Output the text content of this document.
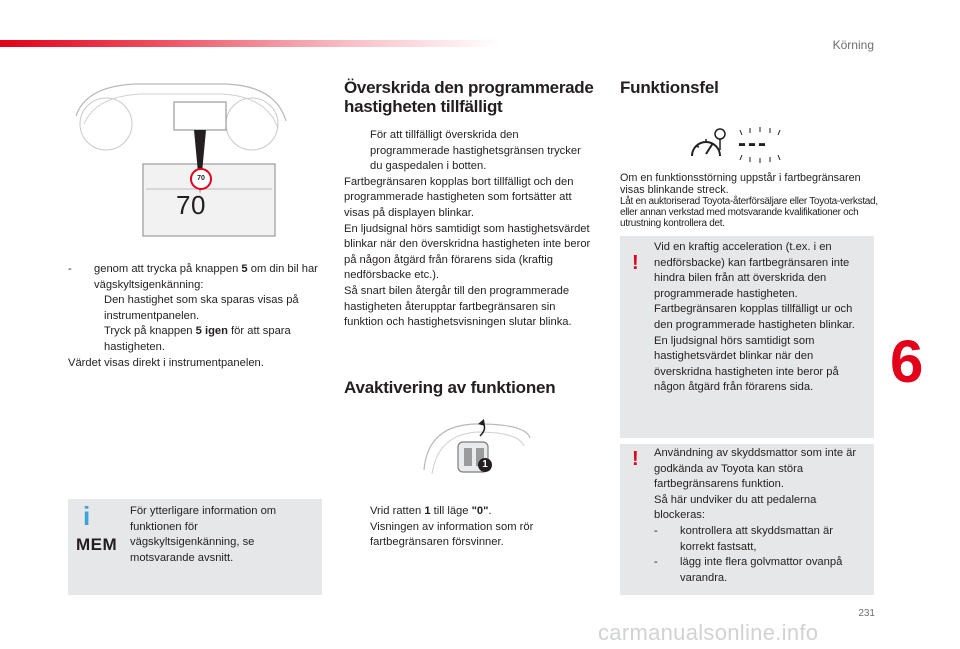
Körning
70
70

- genom att trycka på knappen 5 om din bil har vägskyltsigenkänning:

Den hastighet som ska sparas visas på instrumentpanelen.

Tryck på knappen 5 igen för att spara hastigheten.

Värdet visas direkt i instrumentpanelen.

i
MEM
För ytterligare information om funktionen för vägskyltsigenkänning, se motsvarande avsnitt.
Överskrida den programmerade hastigheten tillfälligt

För att tillfälligt överskrida den programmerade hastighetsgränsen trycker du gaspedalen i botten.

Fartbegränsaren kopplas bort tillfälligt och den programmerade hastigheten som fortsätter att visas på displayen blinkar.

En ljudsignal hörs samtidigt som hastighetsvärdet blinkar när den överskridna hastigheten inte beror på någon åtgärd från förarens sida (kraftig nedförsbacke etc.).

Så snart bilen återgår till den programmerade hastigheten återupptar fartbegränsaren sin funktion och hastighetsvisningen slutar blinka.

Avaktivering av funktionen
1

Vrid ratten 1 till läge "0".
Visningen av information som rör fartbegränsaren försvinner.

Funktionsfel
---

Om en funktionsstörning uppstår i fartbegränsaren visas blinkande streck.

Låt en auktoriserad Toyota-återförsäljare eller Toyota-verkstad, eller annan verkstad med motsvarande kvalifikationer och utrustning kontrollera det.

!

Vid en kraftig acceleration (t.ex. i en nedförsbacke) kan fartbegränsaren inte hindra bilen från att överskrida den programmerade hastigheten.

Fartbegränsaren kopplas tillfälligt ur och den programmerade hastigheten blinkar.

En ljudsignal hörs samtidigt som hastighetsvärdet blinkar när den överskridna hastigheten inte beror på någon åtgärd från förarens sida.

! Användning av skyddsmattor som inte är godkända av Toyota kan störa fartbegränsarens funktion.

Så här undviker du att pedalerna blockeras:

- kontrollera att skyddsmattan är korrekt fastsatt,

- lägg inte flera golvmattor ovanpå varandra.

6
231
carmanualsonline.info
